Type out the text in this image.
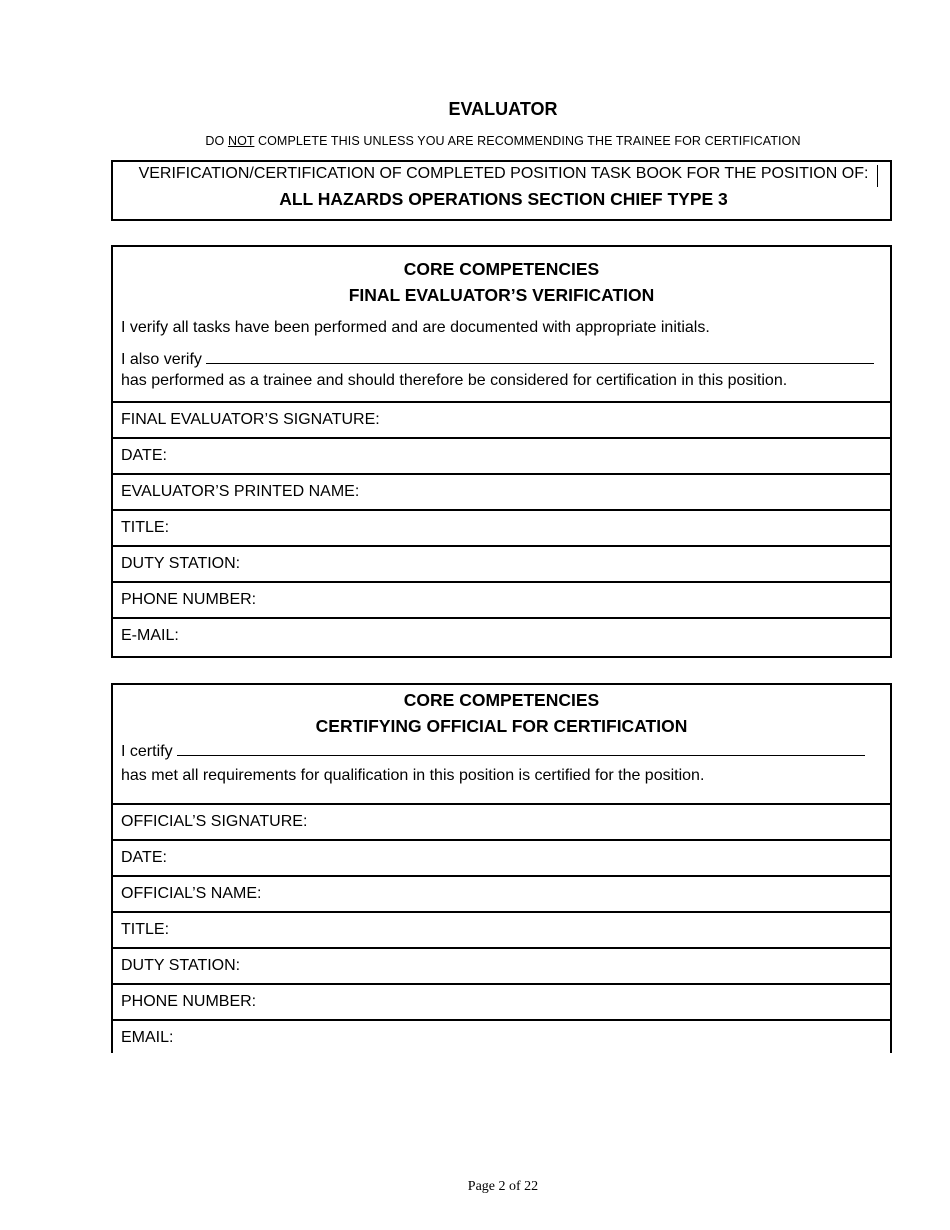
EVALUATOR
DO NOT COMPLETE THIS UNLESS YOU ARE RECOMMENDING THE TRAINEE FOR CERTIFICATION
VERIFICATION/CERTIFICATION OF COMPLETED POSITION TASK BOOK FOR THE POSITION OF:
ALL HAZARDS OPERATIONS SECTION CHIEF TYPE 3
CORE COMPETENCIES
FINAL EVALUATOR’S VERIFICATION
I verify all tasks have been performed and are documented with appropriate initials.
I also verify
has performed as a trainee and should therefore be considered for certification in this position.
FINAL EVALUATOR’S SIGNATURE:
DATE:
EVALUATOR’S PRINTED NAME:
TITLE:
DUTY STATION:
PHONE NUMBER:
E-MAIL:
CORE COMPETENCIES
CERTIFYING OFFICIAL FOR CERTIFICATION
I certify
has met all requirements for qualification in this position is certified for the position.
OFFICIAL’S SIGNATURE:
DATE:
OFFICIAL’S NAME:
TITLE:
DUTY STATION:
PHONE NUMBER:
EMAIL:
Page 2 of 22
